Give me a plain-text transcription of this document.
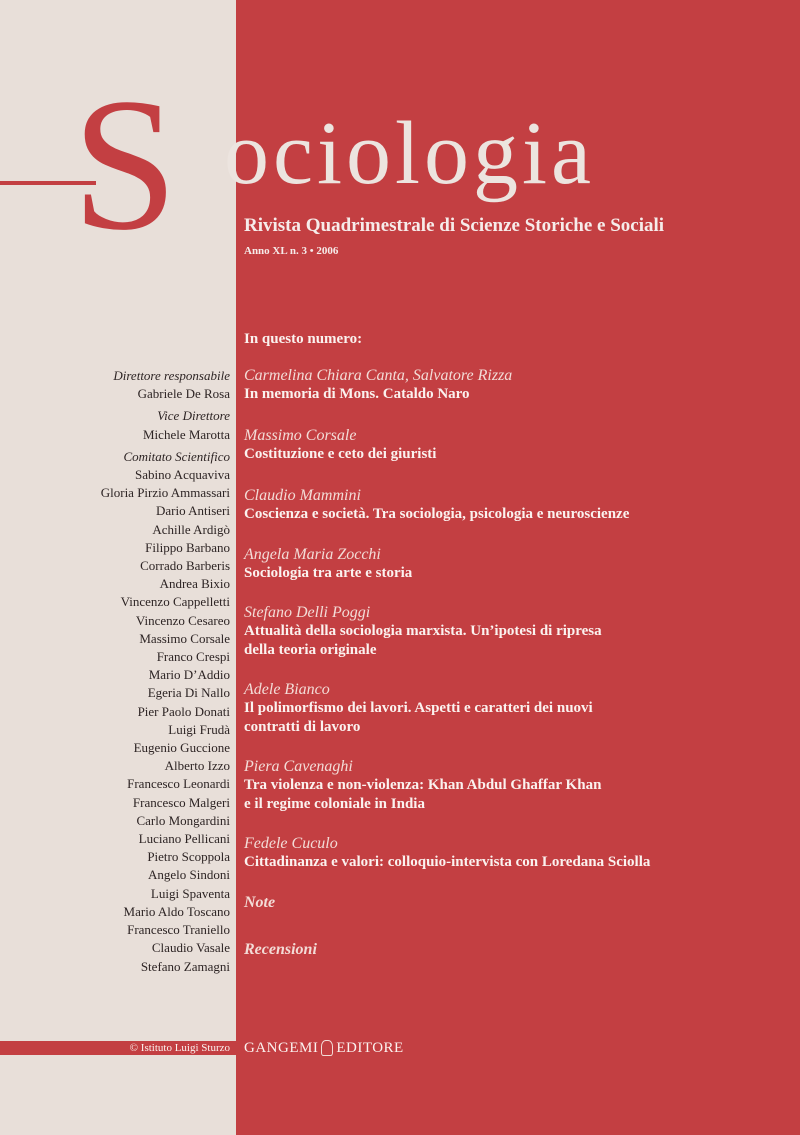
S ociologia
Rivista Quadrimestrale di Scienze Storiche e Sociali
Anno XL n. 3 • 2006
In questo numero:
Carmelina Chiara Canta, Salvatore Rizza
In memoria di Mons. Cataldo Naro
Massimo Corsale
Costituzione e ceto dei giuristi
Claudio Mammini
Coscienza e società. Tra sociologia, psicologia e neuroscienze
Angela Maria Zocchi
Sociologia tra arte e storia
Stefano Delli Poggi
Attualità della sociologia marxista. Un’ipotesi di ripresa
della teoria originale
Adele Bianco
Il polimorfismo dei lavori. Aspetti e caratteri dei nuovi
contratti di lavoro
Piera Cavenaghi
Tra violenza e non-violenza: Khan Abdul Ghaffar Khan
e il regime coloniale in India
Fedele Cuculo
Cittadinanza e valori: colloquio-intervista con Loredana Sciolla
Note
Recensioni
Direttore responsabile
Gabriele De Rosa
Vice Direttore
Michele Marotta
Comitato Scientifico
Sabino Acquaviva
Gloria Pirzio Ammassari
Dario Antiseri
Achille Ardigò
Filippo Barbano
Corrado Barberis
Andrea Bixio
Vincenzo Cappelletti
Vincenzo Cesareo
Massimo Corsale
Franco Crespi
Mario D’Addio
Egeria Di Nallo
Pier Paolo Donati
Luigi Frudà
Eugenio Guccione
Alberto Izzo
Francesco Leonardi
Francesco Malgeri
Carlo Mongardini
Luciano Pellicani
Pietro Scoppola
Angelo Sindoni
Luigi Spaventa
Mario Aldo Toscano
Francesco Traniello
Claudio Vasale
Stefano Zamagni
© Istituto Luigi Sturzo GANGEMI EDITORE
